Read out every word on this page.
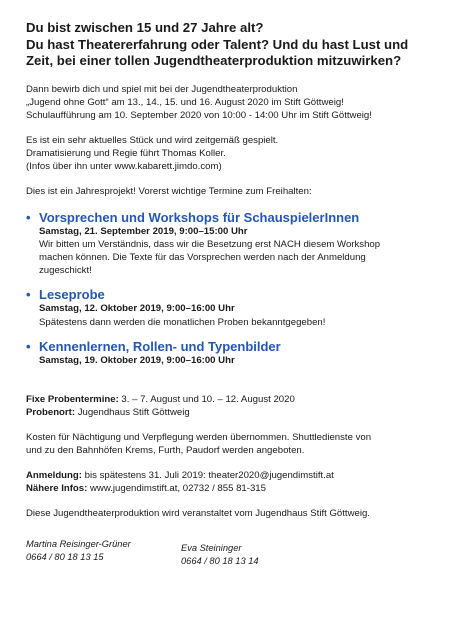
Du bist zwischen 15 und 27 Jahre alt?
Du hast Theatererfahrung oder Talent? Und du hast Lust und
Zeit, bei einer tollen Jugendtheaterproduktion mitzuwirken?
Dann bewirb dich und spiel mit bei der Jugendtheaterproduktion
„Jugend ohne Gott“ am 13., 14., 15. und 16. August 2020 im Stift Göttweig!
Schulaufführung am 10. September 2020 von 10:00 - 14:00 Uhr im Stift Göttweig!
Es ist ein sehr aktuelles Stück und wird zeitgemäß gespielt.
Dramatisierung und Regie führt Thomas Koller.
(Infos über ihn unter www.kabarett.jimdo.com)
Dies ist ein Jahresprojekt! Vorerst wichtige Termine zum Freihalten:
• Vorsprechen und Workshops für SchauspielerInnen
Samstag, 21. September 2019, 9:00–15:00 Uhr
Wir bitten um Verständnis, dass wir die Besetzung erst NACH diesem Workshop
machen können. Die Texte für das Vorsprechen werden nach der Anmeldung
zugeschickt!
• Leseprobe
Samstag, 12. Oktober 2019, 9:00–16:00 Uhr
Spätestens dann werden die monatlichen Proben bekanntgegeben!
• Kennenlernen, Rollen- und Typenbilder
Samstag, 19. Oktober 2019, 9:00–16:00 Uhr
Fixe Probentermine: 3. – 7. August und 10. – 12. August 2020
Probenort: Jugendhaus Stift Göttweig
Kosten für Nächtigung und Verpflegung werden übernommen. Shuttledienste von
und zu den Bahnhöfen Krems, Furth, Paudorf werden angeboten.
Anmeldung: bis spätestens 31. Juli 2019: theater2020@jugendimstift.at
Nähere Infos: www.jugendimstift.at, 02732 / 855 81-315
Diese Jugendtheaterproduktion wird veranstaltet vom Jugendhaus Stift Göttweig.
Martina Reisinger-Grüner
0664 / 80 18 13 15
Eva Steininger
0664 / 80 18 13 14
